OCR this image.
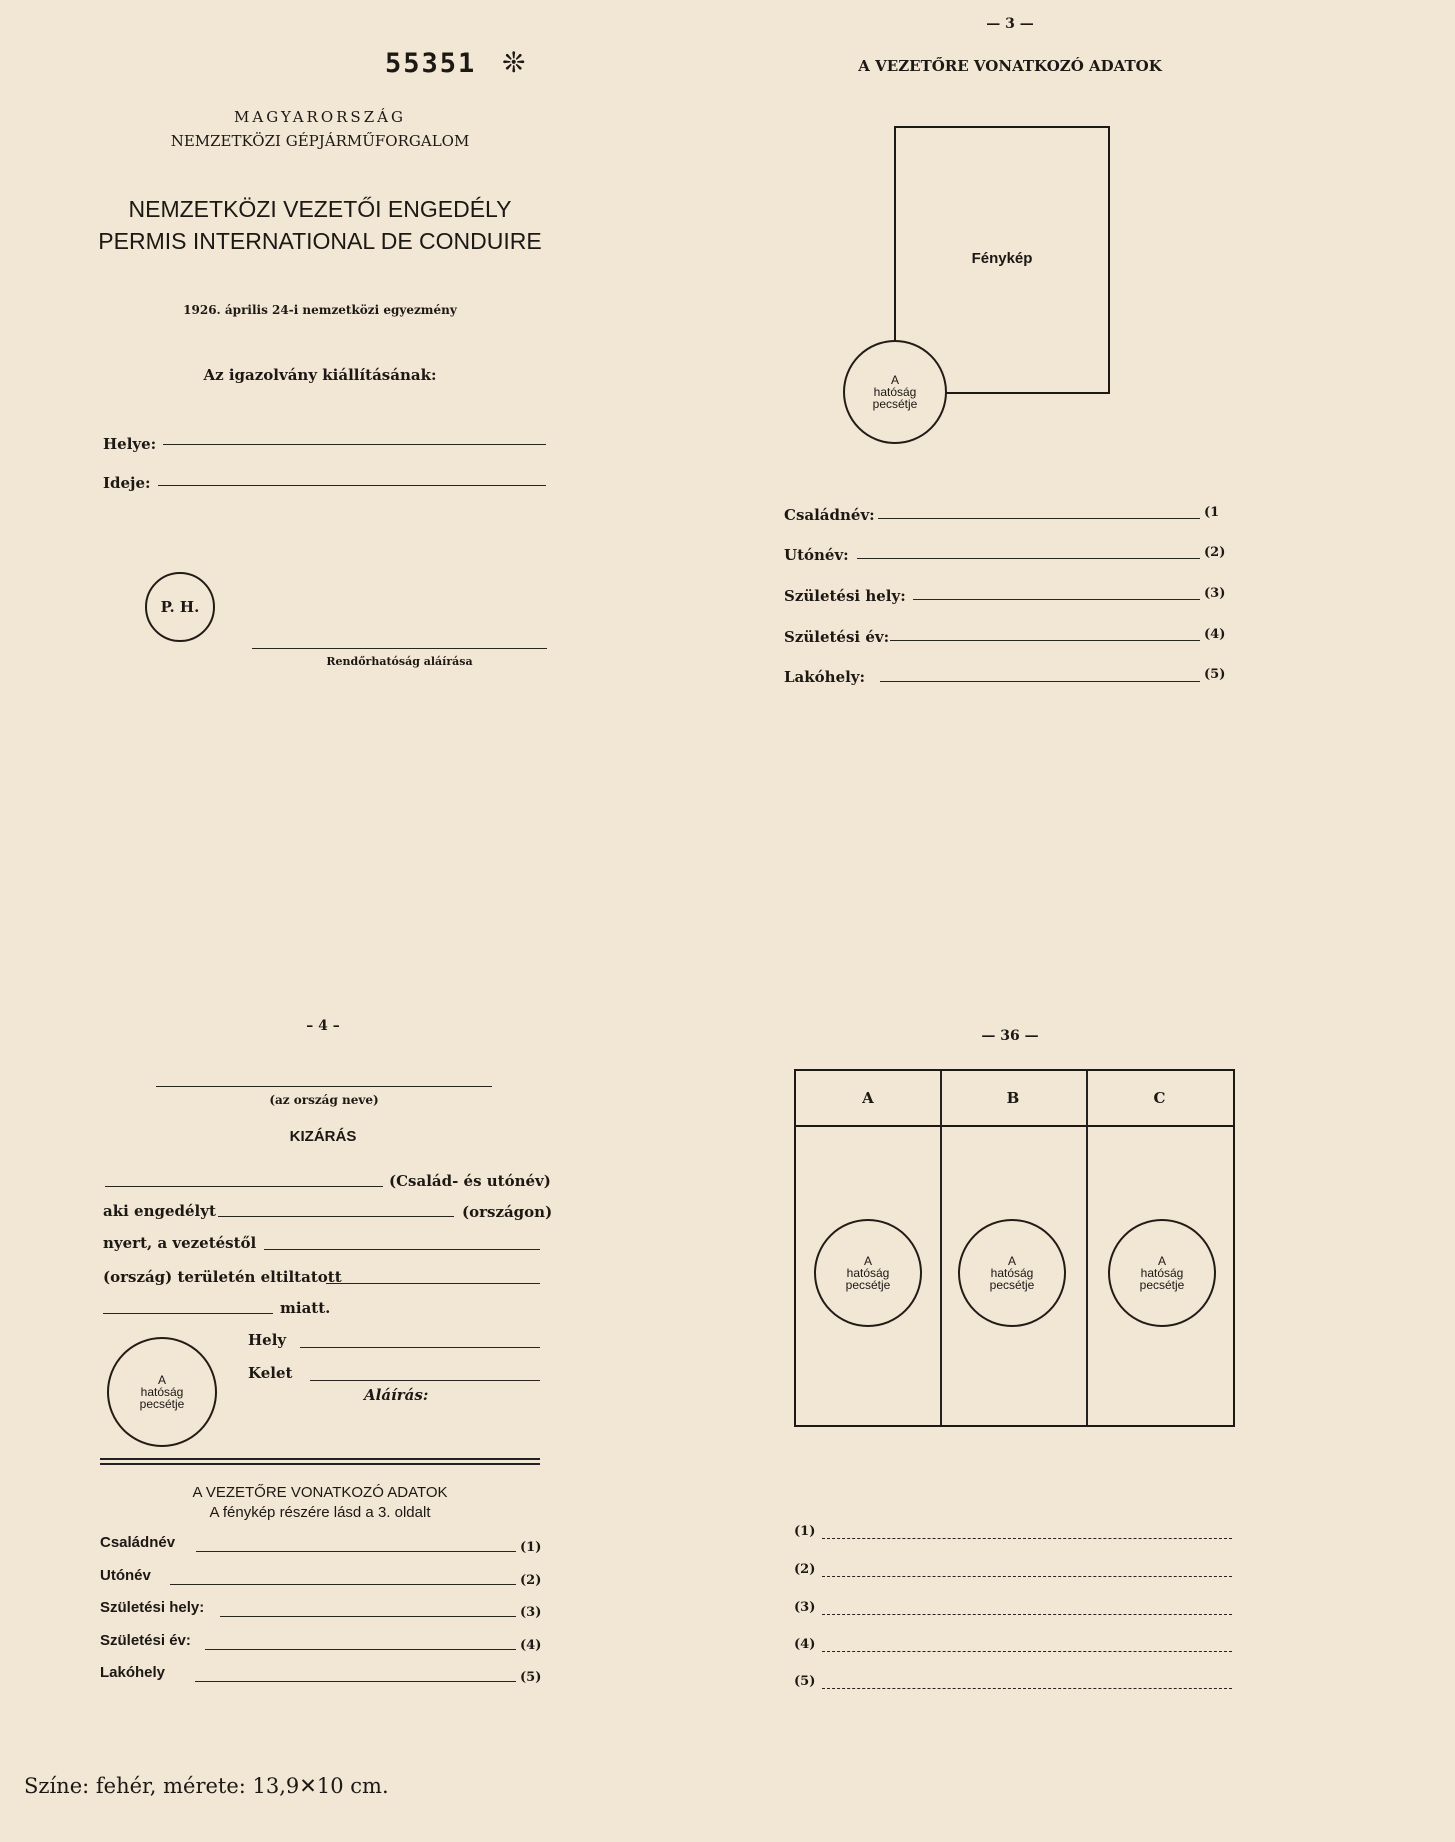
55351 ❊
MAGYARORSZÁG
NEMZETKÖZI GÉPJÁRMŰFORGALOM
NEMZETKÖZI VEZETŐI ENGEDÉLY
PERMIS INTERNATIONAL DE CONDUIRE
1926. április 24-i nemzetközi egyezmény
Az igazolvány kiállításának:
Helye:
Ideje:
P. H.
Rendőrhatóság aláírása
— 3 —
A VEZETŐRE VONATKOZÓ ADATOK
Fénykép
A
hatóság
pecsétje
Családnév:	(1
Utónév:	(2)
Születési hely:	(3)
Születési év:	(4)
Lakóhely:	(5)
– 4 –
(az ország neve)
KIZÁRÁS
(Család- és utónév)
aki engedélyt	(országon)
nyert, a vezetéstől
(ország) területén eltiltatott
miatt.
Hely
Kelet
Aláírás:
A
hatóság
pecsétje
A VEZETŐRE VONATKOZÓ ADATOK
A fénykép részére lásd a 3. oldalt
Családnév	(1)
Utónév	(2)
Születési hely:	(3)
Születési év:	(4)
Lakóhely	(5)
— 36 —
A	B	C
A
hatóság
pecsétje
A
hatóság
pecsétje
A
hatóság
pecsétje
(1)
(2)
(3)
(4)
(5)
Színe: fehér, mérete: 13,9✕10 cm.
